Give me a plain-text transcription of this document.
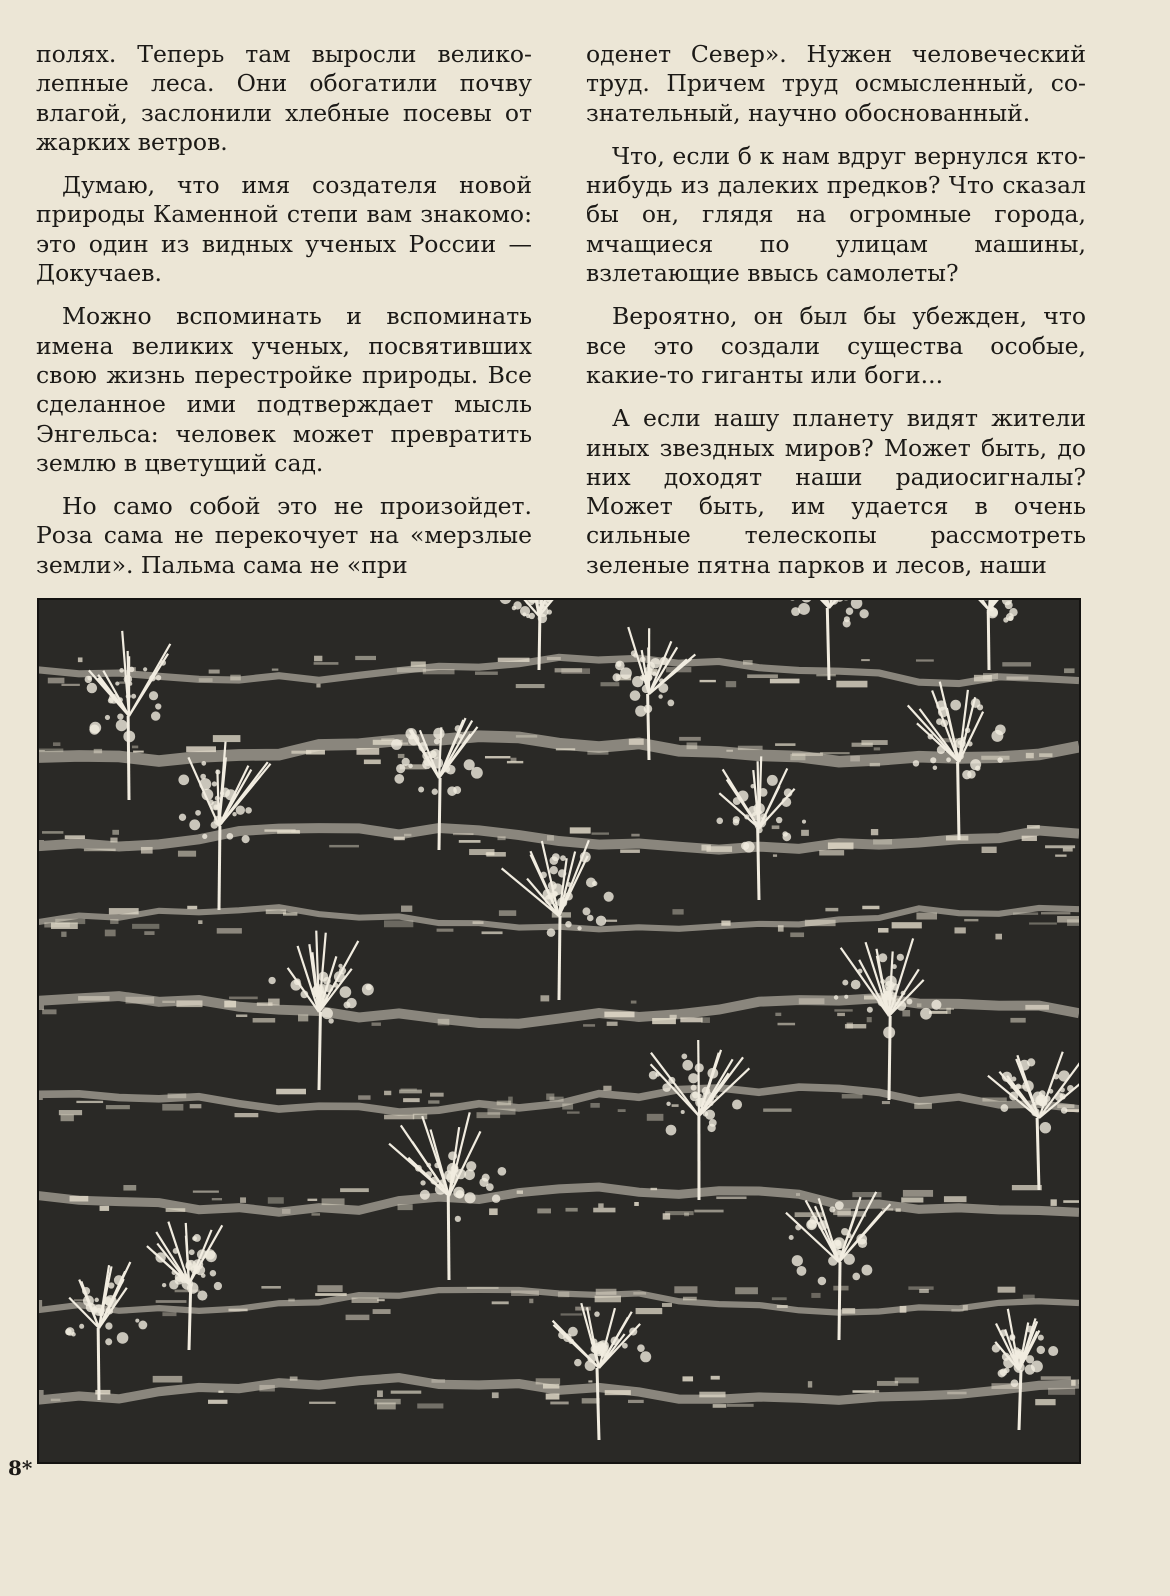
полях. Теперь там выросли великолепные леса. Они обогатили почву влагой, заслонили хлебные посевы от жарких ветров.

Думаю, что имя создателя новой природы Каменной степи вам знакомо: это один из видных ученых России — Докучаев.

Можно вспоминать и вспоминать имена великих ученых, посвятивших свою жизнь перестройке природы. Все сделанное ими подтверждает мысль Энгельса: человек может превратить землю в цветущий сад.

Но само собой это не произойдет. Роза сама не перекочует на «мерзлые земли». Пальма сама не «при

оденет Север». Нужен человеческий труд. Причем труд осмысленный, сознательный, научно обоснованный.

Что, если б к нам вдруг вернулся кто-нибудь из далеких предков? Что сказал бы он, глядя на огромные города, мчащиеся по улицам машины, взлетающие ввысь самолеты?

Вероятно, он был бы убежден, что все это создали существа особые, какие-то гиганты или боги...

А если нашу планету видят жители иных звездных миров? Может быть, до них доходят наши радиосигналы? Может быть, им удается в очень сильные телескопы рассмотреть зеленые пятна парков и лесов, наши

8*
